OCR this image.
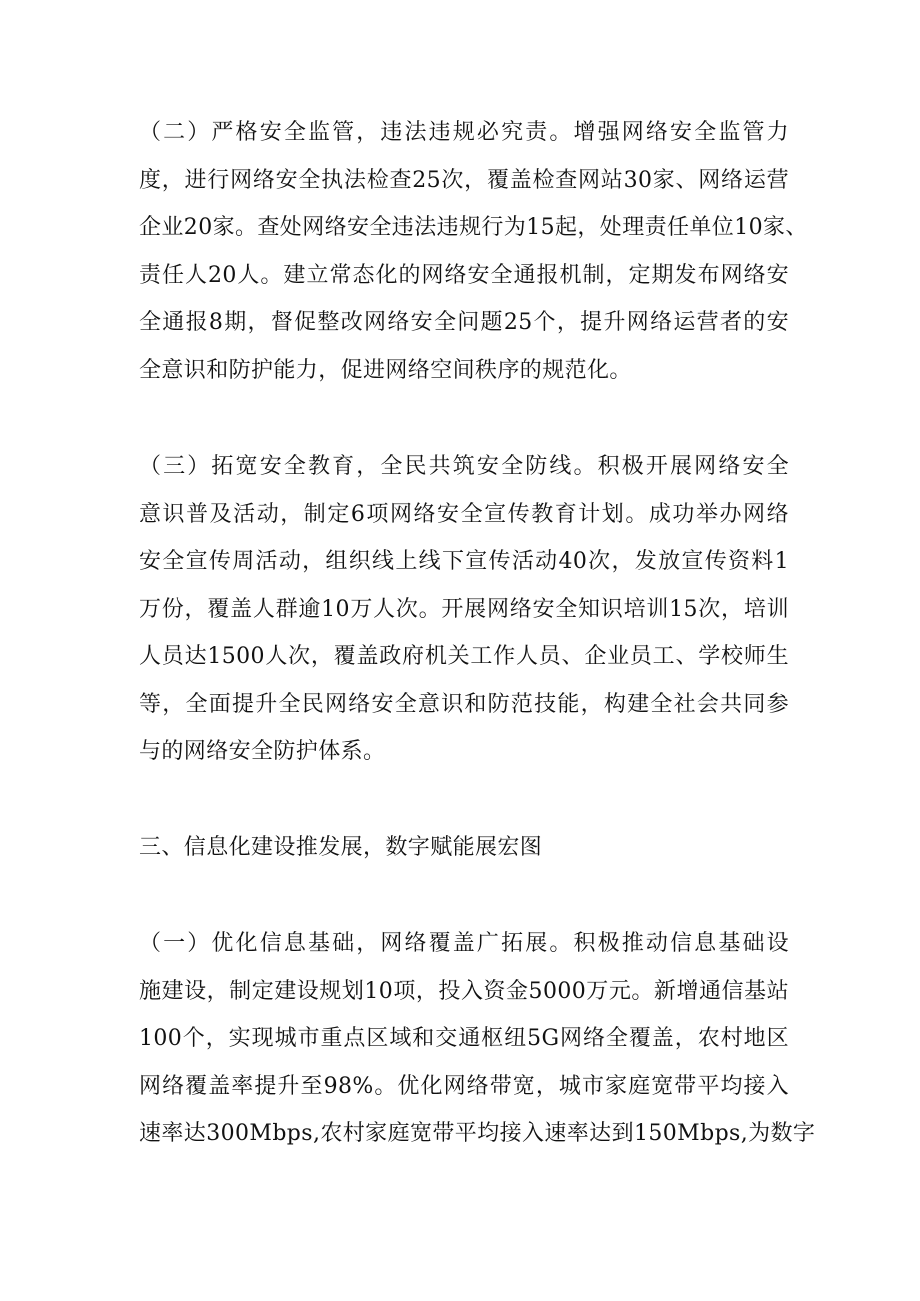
（二）严格安全监管，违法违规必究责。增强网络安全监管力

度，进行网络安全执法检查25次，覆盖检查网站30家、网络运营

企业20家。查处网络安全违法违规行为15起，处理责任单位10家、

责任人20人。建立常态化的网络安全通报机制，定期发布网络安

全通报8期，督促整改网络安全问题25个，提升网络运营者的安

全意识和防护能力，促进网络空间秩序的规范化。

（三）拓宽安全教育，全民共筑安全防线。积极开展网络安全

意识普及活动，制定6项网络安全宣传教育计划。成功举办网络

安全宣传周活动，组织线上线下宣传活动40次，发放宣传资料1

万份，覆盖人群逾10万人次。开展网络安全知识培训15次，培训

人员达1500人次，覆盖政府机关工作人员、企业员工、学校师生

等，全面提升全民网络安全意识和防范技能，构建全社会共同参

与的网络安全防护体系。

三、信息化建设推发展，数字赋能展宏图

（一）优化信息基础，网络覆盖广拓展。积极推动信息基础设

施建设，制定建设规划10项，投入资金5000万元。新增通信基站

100个，实现城市重点区域和交通枢纽5G网络全覆盖，农村地区

网络覆盖率提升至98%。优化网络带宽，城市家庭宽带平均接入

速率达300Mbps,农村家庭宽带平均接入速率达到150Mbps,为数字
